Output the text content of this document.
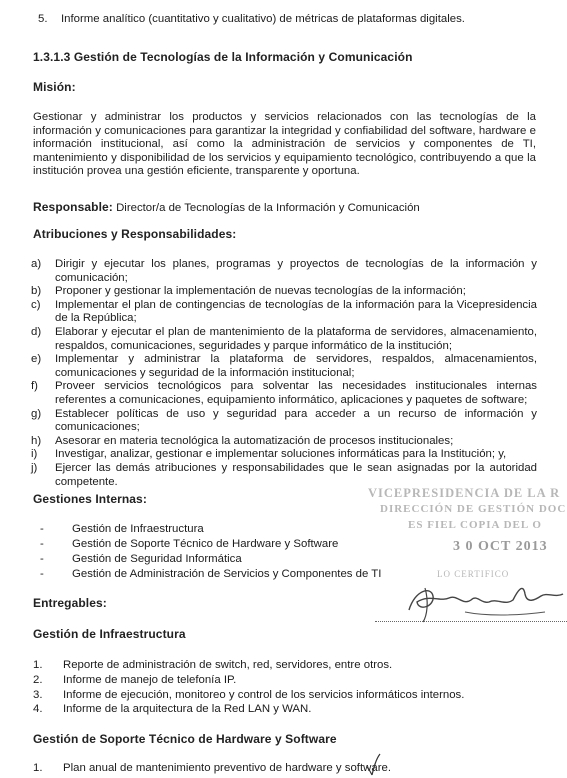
5. Informe analítico (cuantitativo y cualitativo) de métricas de plataformas digitales.
1.3.1.3 Gestión de Tecnologías de la Información y Comunicación
Misión:
Gestionar y administrar los productos y servicios relacionados con las tecnologías de la información y comunicaciones para garantizar la integridad y confiabilidad del software, hardware e información institucional, así como la administración de servicios y componentes de TI, mantenimiento y disponibilidad de los servicios y equipamiento tecnológico, contribuyendo a que la institución provea una gestión eficiente, transparente y oportuna.
Responsable: Director/a de Tecnologías de la Información y Comunicación
Atribuciones y Responsabilidades:
a) Dirigir y ejecutar los planes, programas y proyectos de tecnologías de la información y comunicación;
b) Proponer y gestionar la implementación de nuevas tecnologías de la información;
c) Implementar el plan de contingencias de tecnologías de la información para la Vicepresidencia de la República;
d) Elaborar y ejecutar el plan de mantenimiento de la plataforma de servidores, almacenamiento, respaldos, comunicaciones, seguridades y parque informático de la institución;
e) Implementar y administrar la plataforma de servidores, respaldos, almacenamientos, comunicaciones y seguridad de la información institucional;
f) Proveer servicios tecnológicos para solventar las necesidades institucionales internas referentes a comunicaciones, equipamiento informático, aplicaciones y paquetes de software;
g) Establecer políticas de uso y seguridad para acceder a un recurso de información y comunicaciones;
h) Asesorar en materia tecnológica la automatización de procesos institucionales;
i) Investigar, analizar, gestionar e implementar soluciones informáticas para la Institución; y,
j) Ejercer las demás atribuciones y responsabilidades que le sean asignadas por la autoridad competente.
Gestiones Internas:
- Gestión de Infraestructura
- Gestión de Soporte Técnico de Hardware y Software
- Gestión de Seguridad Informática
- Gestión de Administración de Servicios y Componentes de TI
Entregables:
Gestión de Infraestructura
1. Reporte de administración de switch, red, servidores, entre otros.
2. Informe de manejo de telefonía IP.
3. Informe de ejecución, monitoreo y control de los servicios informáticos internos.
4. Informe de la arquitectura de la Red LAN y WAN.
Gestión de Soporte Técnico de Hardware y Software
1. Plan anual de mantenimiento preventivo de hardware y software.
VICEPRESIDENCIA DE LA R
DIRECCIÓN DE GESTIÓN DOC
ES FIEL COPIA DEL O
3 0 OCT 2013
LO CERTIFICO
